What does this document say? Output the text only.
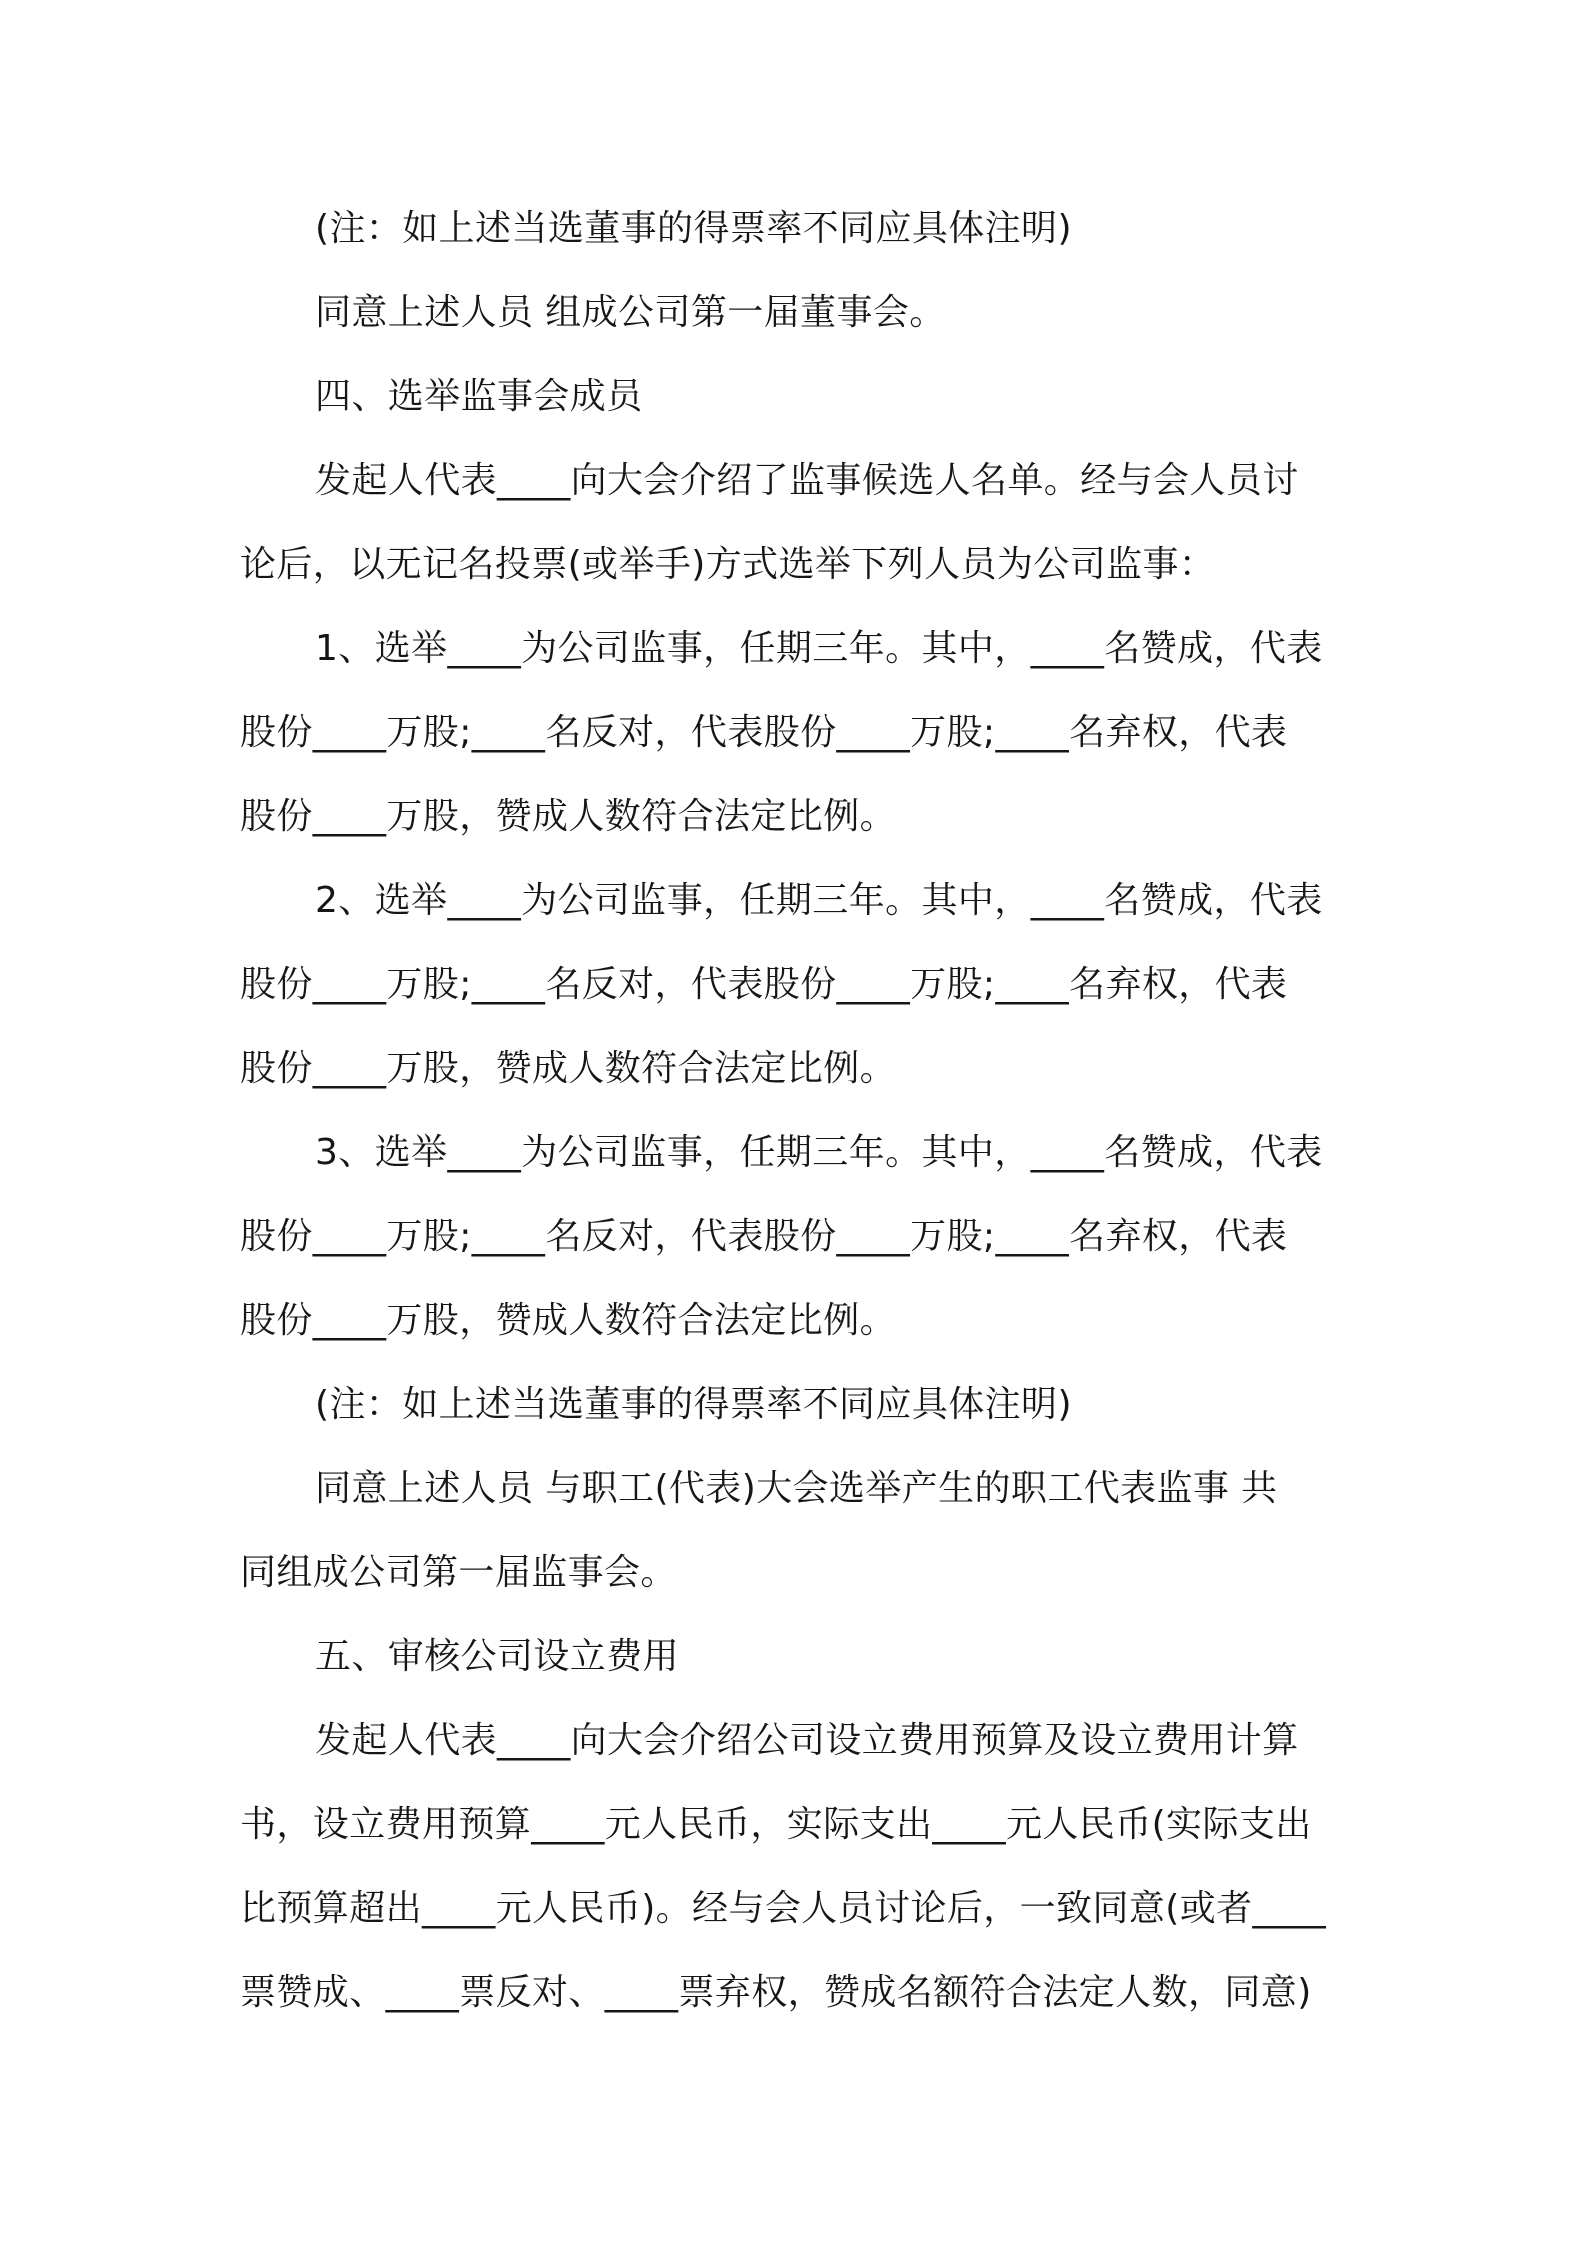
(注：如上述当选董事的得票率不同应具体注明)

同意上述人员 组成公司第一届董事会。

四、选举监事会成员

发起人代表____向大会介绍了监事候选人名单。经与会人员讨

论后，以无记名投票(或举手)方式选举下列人员为公司监事：

1、选举____为公司监事，任期三年。其中，____名赞成，代表

股份____万股;____名反对，代表股份____万股;____名弃权，代表

股份____万股，赞成人数符合法定比例。

2、选举____为公司监事，任期三年。其中，____名赞成，代表

股份____万股;____名反对，代表股份____万股;____名弃权，代表

股份____万股，赞成人数符合法定比例。

3、选举____为公司监事，任期三年。其中，____名赞成，代表

股份____万股;____名反对，代表股份____万股;____名弃权，代表

股份____万股，赞成人数符合法定比例。

(注：如上述当选董事的得票率不同应具体注明)

同意上述人员 与职工(代表)大会选举产生的职工代表监事 共

同组成公司第一届监事会。

五、审核公司设立费用

发起人代表____向大会介绍公司设立费用预算及设立费用计算

书，设立费用预算____元人民币，实际支出____元人民币(实际支出

比预算超出____元人民币)。经与会人员讨论后，一致同意(或者____

票赞成、____票反对、____票弃权，赞成名额符合法定人数，同意)
